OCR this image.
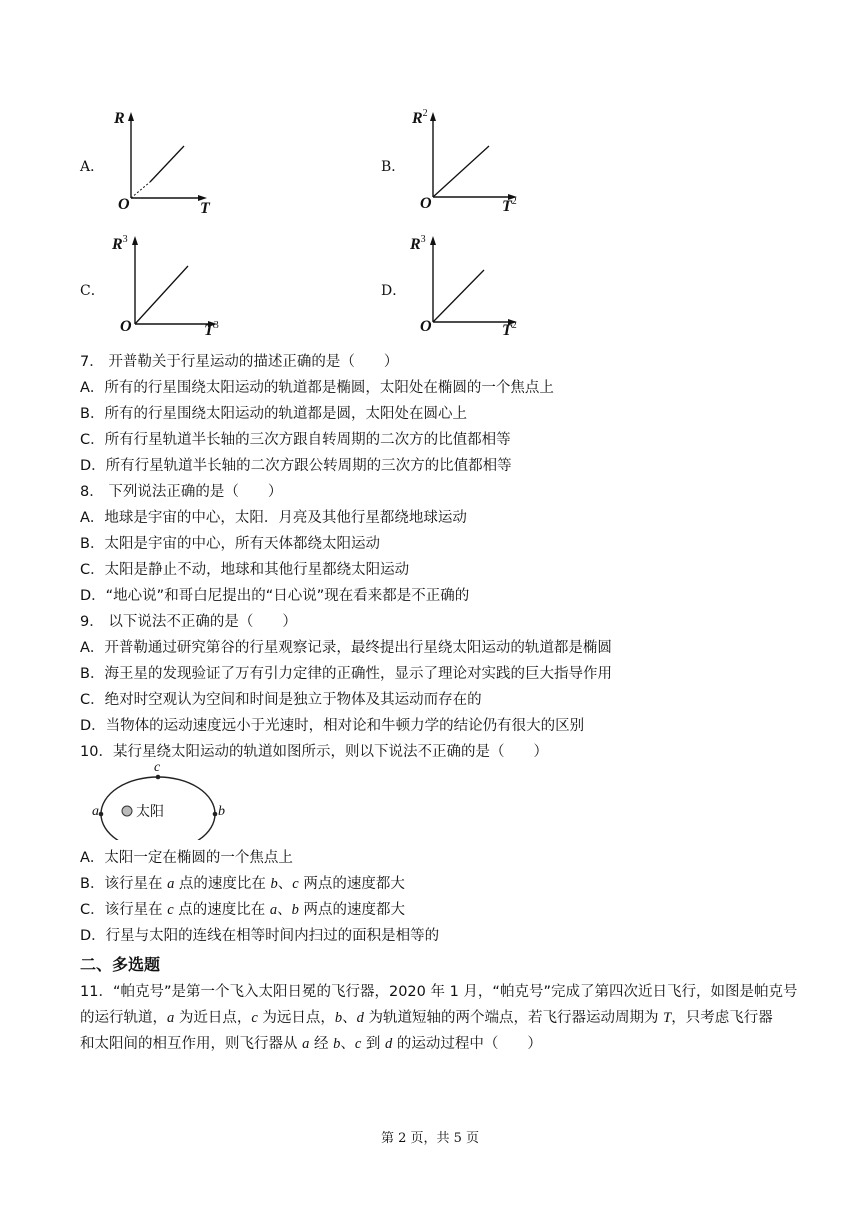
A．
R
O	T
B．
$R^2$
O	$T^2$
C．
$R^3$
O	$T^3$
D．
$R^3$
O	$T^2$
7． 开普勒关于行星运动的描述正确的是（　　）
A．所有的行星围绕太阳运动的轨道都是椭圆，太阳处在椭圆的一个焦点上
B．所有的行星围绕太阳运动的轨道都是圆，太阳处在圆心上
C．所有行星轨道半长轴的三次方跟自转周期的二次方的比值都相等
D．所有行星轨道半长轴的二次方跟公转周期的三次方的比值都相等
8． 下列说法正确的是（　　）
A．地球是宇宙的中心，太阳．月亮及其他行星都绕地球运动
B．太阳是宇宙的中心，所有天体都绕太阳运动
C．太阳是静止不动，地球和其他行星都绕太阳运动
D．“地心说”和哥白尼提出的“日心说”现在看来都是不正确的
9． 以下说法不正确的是（　　）
A．开普勒通过研究第谷的行星观察记录，最终提出行星绕太阳运动的轨道都是椭圆
B．海王星的发现验证了万有引力定律的正确性，显示了理论对实践的巨大指导作用
C．绝对时空观认为空间和时间是独立于物体及其运动而存在的
D．当物体的运动速度远小于光速时，相对论和牛顿力学的结论仍有很大的区别
10．某行星绕太阳运动的轨道如图所示，则以下说法不正确的是（　　）
太阳
a	b
c
A．太阳一定在椭圆的一个焦点上
B．该行星在 a 点的速度比在 b、c 两点的速度都大
C．该行星在 c 点的速度比在 a、b 两点的速度都大
D．行星与太阳的连线在相等时间内扫过的面积是相等的
二、多选题
11．“帕克号”是第一个飞入太阳日冕的飞行器，2020 年 1 月，“帕克号”完成了第四次近日飞行，如图是帕克号
的运行轨道，a 为近日点，c 为远日点，b、d 为轨道短轴的两个端点，若飞行器运动周期为 T，只考虑飞行器
和太阳间的相互作用，则飞行器从 a 经 b、c 到 d 的运动过程中（　　）
第 2 页，共 5 页
